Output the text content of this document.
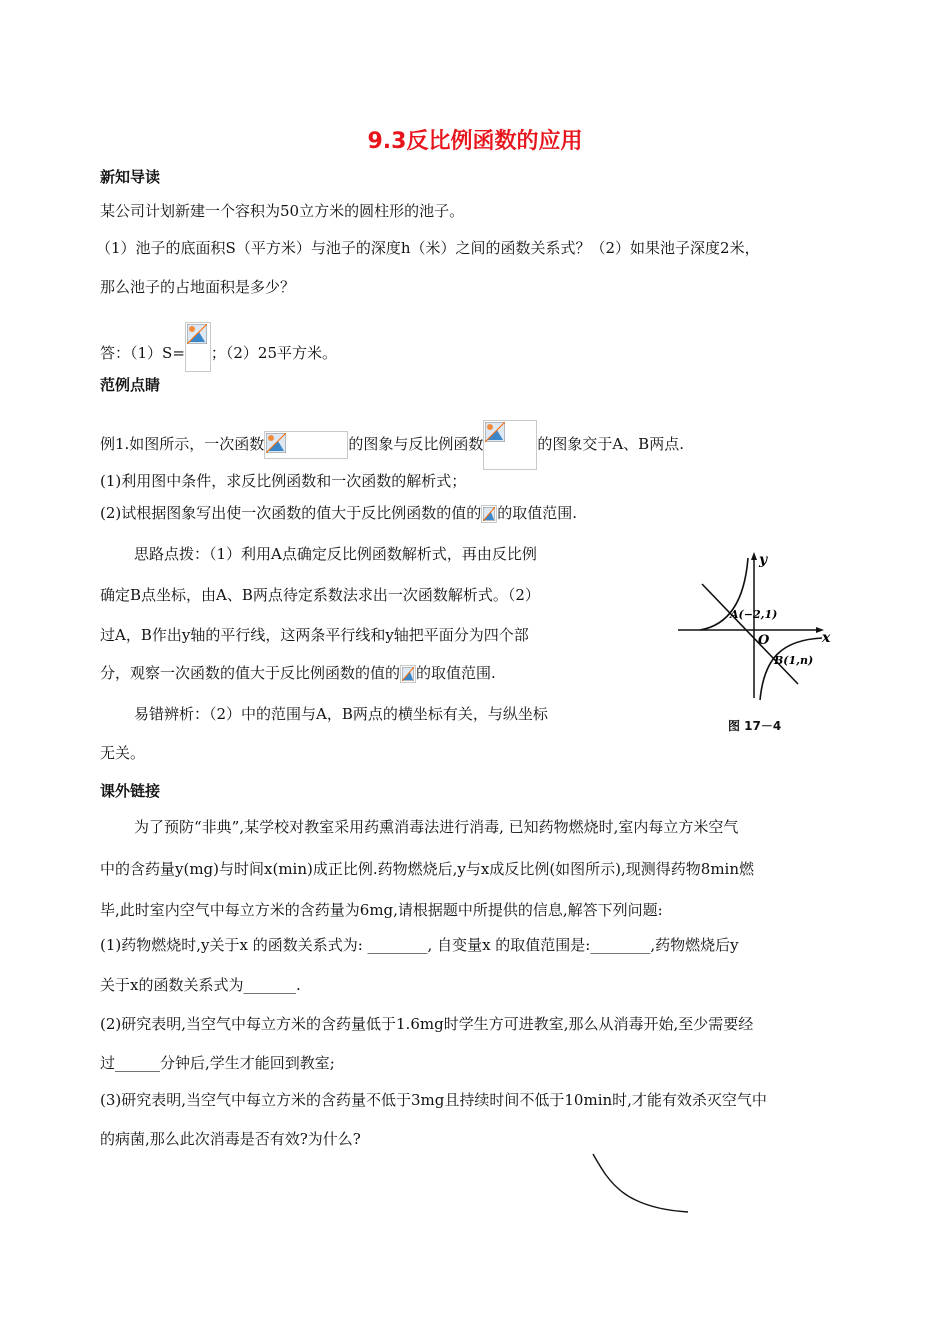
9.3反比例函数的应用
新知导读
某公司计划新建一个容积为50立方米的圆柱形的池子。
（1）池子的底面积S（平方米）与池子的深度h（米）之间的函数关系式？（2）如果池子深度2米，
那么池子的占地面积是多少？
答：（1）S= ；（2）25平方米。
范例点睛
例1.如图所示，一次函数	的图象与反比例函数	的图象交于A、B两点.
(1)利用图中条件，求反比例函数和一次函数的解析式；
(2)试根据图象写出使一次函数的值大于反比例函数的值的 的取值范围.
思路点拨：（1）利用A点确定反比例函数解析式，再由反比例
确定B点坐标，由A、B两点待定系数法求出一次函数解析式。（2）
过A，B作出y轴的平行线，这两条平行线和y轴把平面分为四个部
分，观察一次函数的值大于反比例函数的值的 的取值范围.
易错辨析：（2）中的范围与A，B两点的横坐标有关，与纵坐标
无关。
y
x
O
A(−2,1)
B(1,n)
图 17－4
课外链接
为了预防“非典”,某学校对教室采用药熏消毒法进行消毒, 已知药物燃烧时,室内每立方米空气
中的含药量y(mg)与时间x(min)成正比例.药物燃烧后,y与x成反比例(如图所示),现测得药物8min燃
毕,此时室内空气中每立方米的含药量为6mg,请根据题中所提供的信息,解答下列问题:
(1)药物燃烧时,y关于x 的函数关系式为: ________, 自变量x 的取值范围是:________,药物燃烧后y
关于x的函数关系式为_______.
(2)研究表明,当空气中每立方米的含药量低于1.6mg时学生方可进教室,那么从消毒开始,至少需要经
过______分钟后,学生才能回到教室;
(3)研究表明,当空气中每立方米的含药量不低于3mg且持续时间不低于10min时,才能有效杀灭空气中
的病菌,那么此次消毒是否有效?为什么?
